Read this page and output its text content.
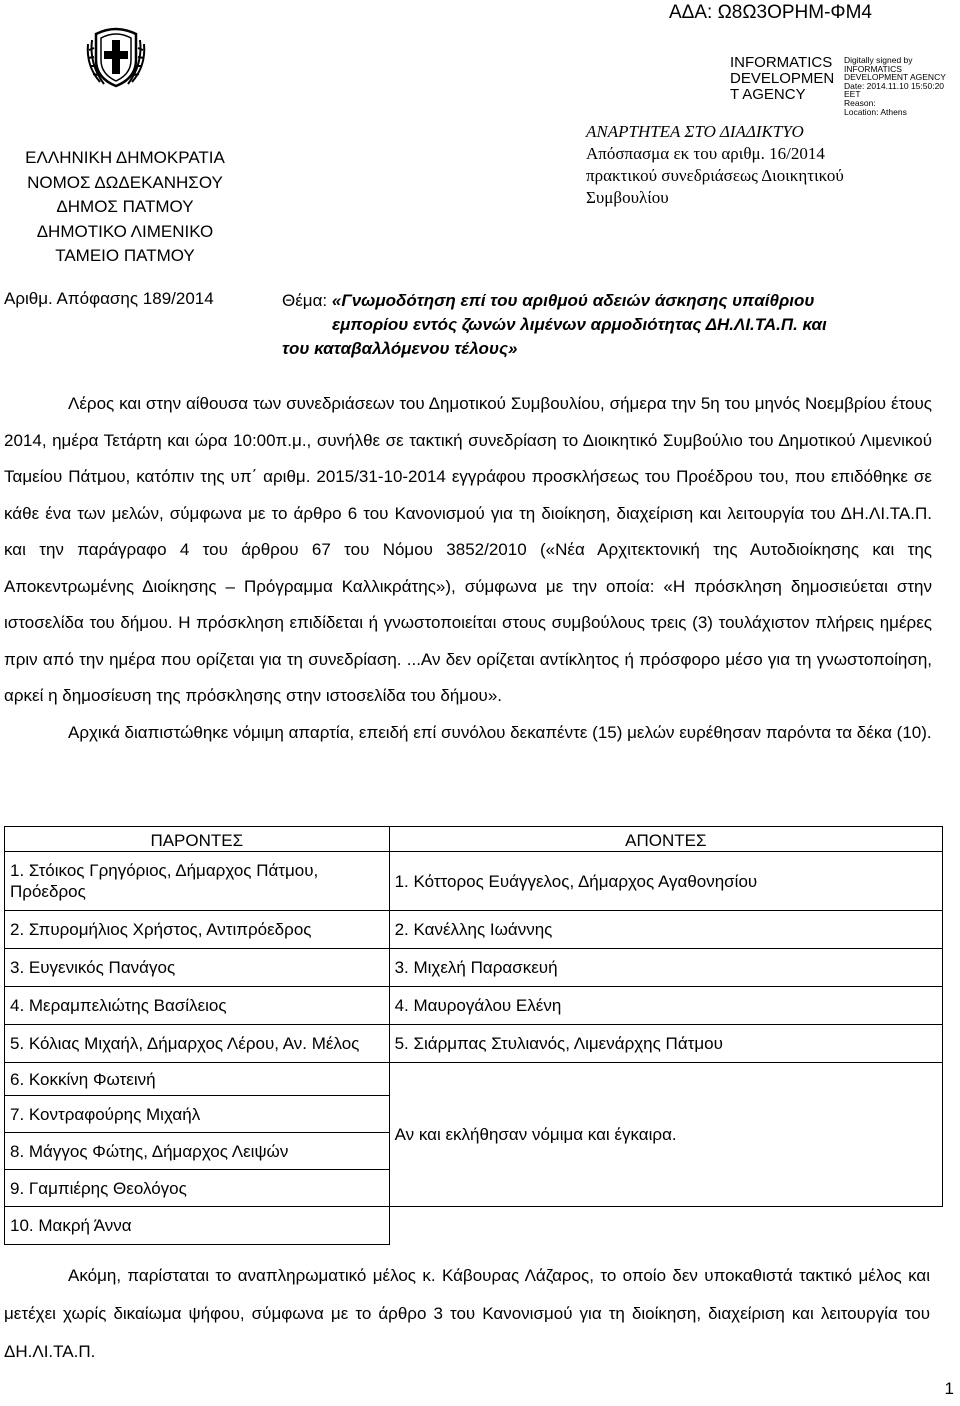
ΑΔΑ: Ω8Ω3ΟΡΗΜ-ΦΜ4
INFORMATICS
DEVELOPMEN
T AGENCY
Digitally signed by
INFORMATICS
DEVELOPMENT AGENCY
Date: 2014.11.10 15:50:20
EET
Reason:
Location: Athens
ΕΛΛΗΝΙΚΗ ΔΗΜΟΚΡΑΤΙΑ
ΝΟΜΟΣ ΔΩΔΕΚΑΝΗΣΟΥ
ΔΗΜΟΣ ΠΑΤΜΟΥ
ΔΗΜΟΤΙΚΟ ΛΙΜΕΝΙΚΟ
ΤΑΜΕΙΟ ΠΑΤΜΟΥ
ΑΝΑΡΤΗΤΕΑ ΣΤΟ ΔΙΑΔΙΚΤΥΟ
Απόσπασμα εκ του αριθμ. 16/2014
πρακτικού συνεδριάσεως Διοικητικού
Συμβουλίου
Αριθμ. Απόφασης 189/2014	Θέμα: «Γνωμοδότηση επί του αριθμού αδειών άσκησης υπαίθριου
εμπορίου εντός ζωνών λιμένων αρμοδιότητας ΔΗ.ΛΙ.ΤΑ.Π. και
του καταβαλλόμενου τέλους»

Λέρος και στην αίθουσα των συνεδριάσεων του Δημοτικού Συμβουλίου, σήμερα την 5η του μηνός Νοεμβρίου έτους 2014, ημέρα Τετάρτη και ώρα 10:00π.μ., συνήλθε σε τακτική συνεδρίαση το Διοικητικό Συμβούλιο του Δημοτικού Λιμενικού Ταμείου Πάτμου, κατόπιν της υπ΄ αριθμ. 2015/31-10-2014 εγγράφου προσκλήσεως του Προέδρου του, που επιδόθηκε σε κάθε ένα των μελών, σύμφωνα με το άρθρο 6 του Κανονισμού για τη διοίκηση, διαχείριση και λειτουργία του ΔΗ.ΛΙ.ΤΑ.Π. και την παράγραφο 4 του άρθρου 67 του Νόμου 3852/2010 («Νέα Αρχιτεκτονική της Αυτοδιοίκησης και της Αποκεντρωμένης Διοίκησης – Πρόγραμμα Καλλικράτης»), σύμφωνα με την οποία: «Η πρόσκληση δημοσιεύεται στην ιστοσελίδα του δήμου. Η πρόσκληση επιδίδεται ή γνωστοποιείται στους συμβούλους τρεις (3) τουλάχιστον πλήρεις ημέρες πριν από την ημέρα που ορίζεται για τη συνεδρίαση. ...Αν δεν ορίζεται αντίκλητος ή πρόσφορο μέσο για τη γνωστοποίηση, αρκεί η δημοσίευση της πρόσκλησης στην ιστοσελίδα του δήμου».

Αρχικά διαπιστώθηκε νόμιμη απαρτία, επειδή επί συνόλου δεκαπέντε (15) μελών ευρέθησαν παρόντα τα δέκα (10).

ΠΑΡΟΝΤΕΣ	ΑΠΟΝΤΕΣ
1. Στόικος Γρηγόριος, Δήμαρχος Πάτμου, Πρόεδρος	1. Κόττορος Ευάγγελος, Δήμαρχος Αγαθονησίου
2. Σπυρομήλιος Χρήστος, Αντιπρόεδρος	2. Κανέλλης Ιωάννης
3. Ευγενικός Πανάγος	3. Μιχελή Παρασκευή
4. Μεραμπελιώτης Βασίλειος	4. Μαυρογάλου Ελένη
5. Κόλιας Μιχαήλ, Δήμαρχος Λέρου, Αν. Μέλος	5. Σιάρμπας Στυλιανός, Λιμενάρχης Πάτμου
6. Κοκκίνη Φωτεινή	Αν και εκλήθησαν νόμιμα και έγκαιρα.
7. Κοντραφούρης Μιχαήλ	
8. Μάγγος Φώτης, Δήμαρχος Λειψών	
9. Γαμπιέρης Θεολόγος	
10. Μακρή Άννα	

Ακόμη, παρίσταται το αναπληρωματικό μέλος κ. Κάβουρας Λάζαρος, το οποίο δεν υποκαθιστά τακτικό μέλος και μετέχει χωρίς δικαίωμα ψήφου, σύμφωνα με το άρθρο 3 του Κανονισμού για τη διοίκηση, διαχείριση και λειτουργία του ΔΗ.ΛΙ.ΤΑ.Π.

1
